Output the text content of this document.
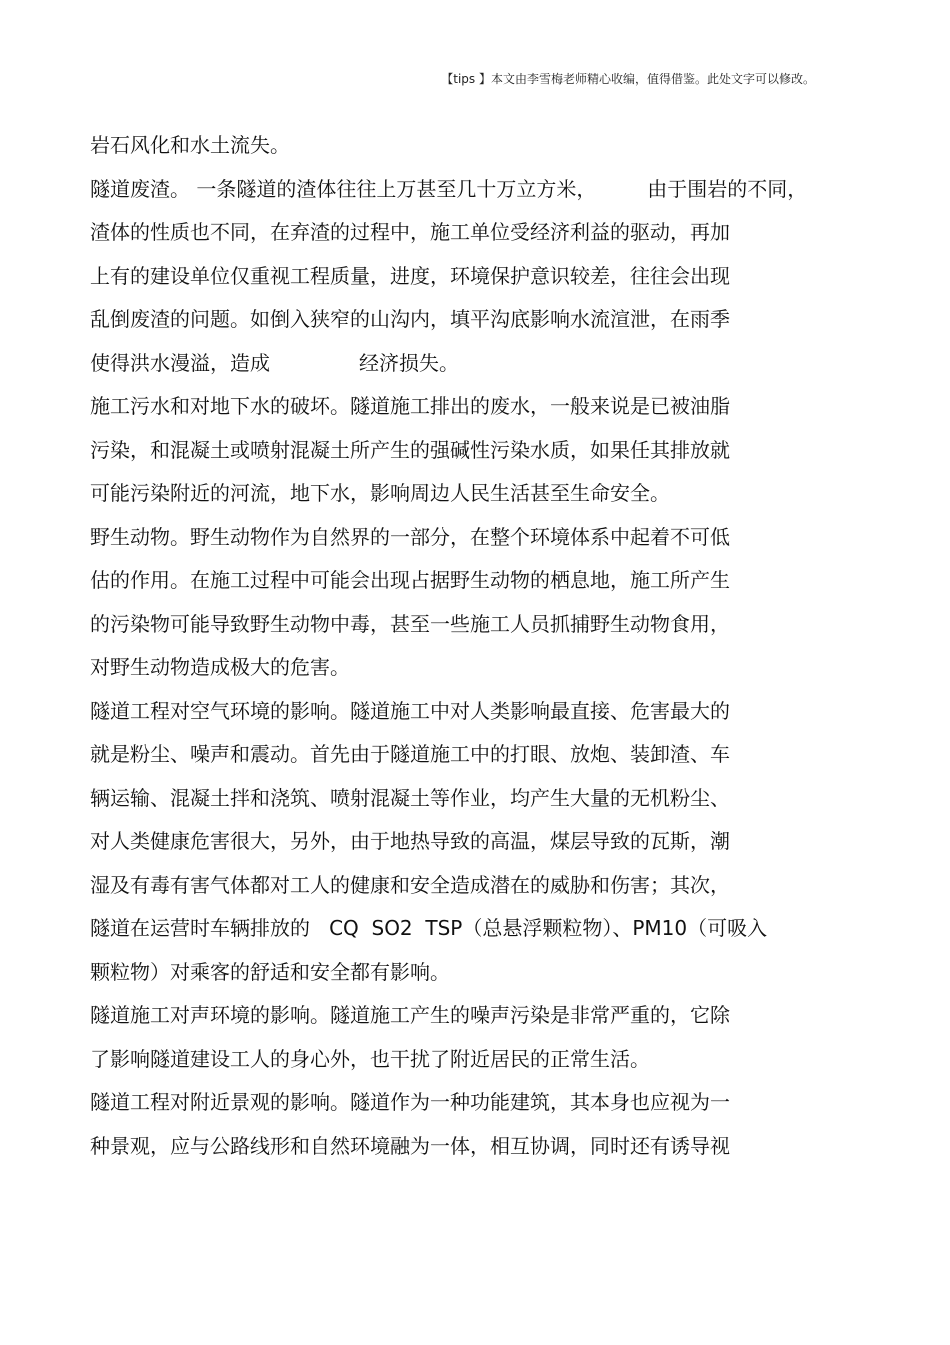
【tips 】本文由李雪梅老师精心收编，值得借鉴。此处文字可以修改。
岩石风化和水土流失。
隧道废渣。 一条隧道的渣体往往上万甚至几十万立方米，        由于围岩的不同，
渣体的性质也不同，在弃渣的过程中，施工单位受经济利益的驱动，再加
上有的建设单位仅重视工程质量，进度，环境保护意识较差，往往会出现
乱倒废渣的问题。如倒入狭窄的山沟内，填平沟底影响水流渲泄，在雨季
使得洪水漫溢，造成              经济损失。
施工污水和对地下水的破坏。隧道施工排出的废水，一般来说是已被油脂
污染，和混凝土或喷射混凝土所产生的强碱性污染水质，如果任其排放就
可能污染附近的河流，地下水，影响周边人民生活甚至生命安全。
野生动物。野生动物作为自然界的一部分，在整个环境体系中起着不可低
估的作用。在施工过程中可能会出现占据野生动物的栖息地，施工所产生
的污染物可能导致野生动物中毒，甚至一些施工人员抓捕野生动物食用，
对野生动物造成极大的危害。
隧道工程对空气环境的影响。隧道施工中对人类影响最直接、危害最大的
就是粉尘、噪声和震动。首先由于隧道施工中的打眼、放炮、装卸渣、车
辆运输、混凝土拌和浇筑、喷射混凝土等作业，均产生大量的无机粉尘、
对人类健康危害很大，另外，由于地热导致的高温，煤层导致的瓦斯，潮
湿及有毒有害气体都对工人的健康和安全造成潜在的威胁和伤害；其次，
隧道在运营时车辆排放的   CQ  SO2  TSP（总悬浮颗粒物）、PM10（可吸入
颗粒物）对乘客的舒适和安全都有影响。
隧道施工对声环境的影响。隧道施工产生的噪声污染是非常严重的，它除
了影响隧道建设工人的身心外，也干扰了附近居民的正常生活。
隧道工程对附近景观的影响。隧道作为一种功能建筑，其本身也应视为一
种景观，应与公路线形和自然环境融为一体，相互协调，同时还有诱导视
